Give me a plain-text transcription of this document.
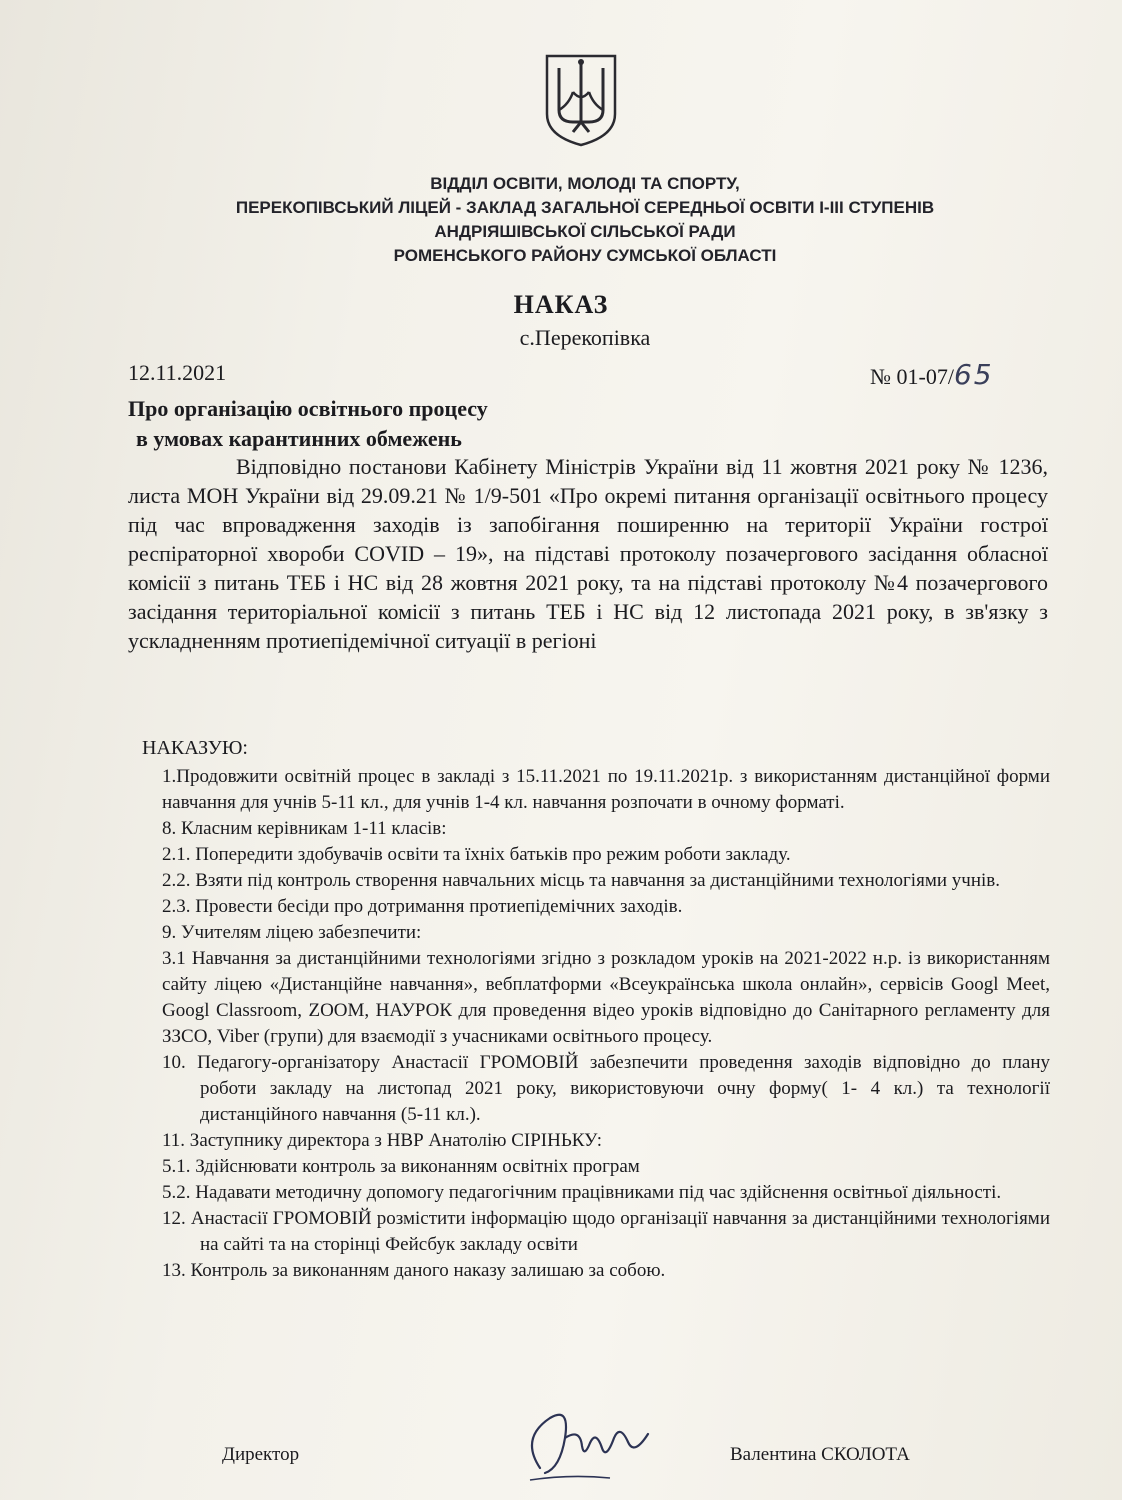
ВІДДІЛ ОСВІТИ, МОЛОДІ ТА СПОРТУ,
ПЕРЕКОПІВСЬКИЙ ЛІЦЕЙ - ЗАКЛАД ЗАГАЛЬНОЇ СЕРЕДНЬОЇ ОСВІТИ І-ІІІ СТУПЕНІВ
АНДРІЯШІВСЬКОЇ СІЛЬСЬКОЇ РАДИ
РОМЕНСЬКОГО РАЙОНУ СУМСЬКОЇ ОБЛАСТІ
НАКАЗ
с.Перекопівка
12.11.2021	№ 01-07/65
Про організацію освітнього процесу
в умовах карантинних обмежень
Відповідно постанови Кабінету Міністрів України від 11 жовтня 2021 року № 1236, листа МОН України від 29.09.21 № 1/9-501 «Про окремі питання організації освітнього процесу під час впровадження заходів із запобігання поширенню на території України гострої респіраторної хвороби COVID – 19», на підставі протоколу позачергового засідання обласної комісії з питань ТЕБ і НС від 28 жовтня 2021 року, та на підставі протоколу №4 позачергового засідання територіальної комісії з питань ТЕБ і НС від 12 листопада 2021 року, в зв'язку з ускладненням протиепідемічної ситуації в регіоні
НАКАЗУЮ:
1.Продовжити освітній процес в закладі з 15.11.2021 по 19.11.2021р. з використанням дистанційної форми навчання для учнів 5-11 кл., для учнів 1-4 кл. навчання розпочати в очному форматі.
8. Класним керівникам 1-11 класів:
2.1. Попередити здобувачів освіти та їхніх батьків про режим роботи закладу.
2.2. Взяти під контроль створення навчальних місць та навчання за дистанційними технологіями учнів.
2.3. Провести бесіди про дотримання протиепідемічних заходів.
9. Учителям ліцею забезпечити:
3.1 Навчання за дистанційними технологіями згідно з розкладом уроків на 2021-2022 н.р. із використанням сайту ліцею «Дистанційне навчання», вебплатформи «Всеукраїнська школа онлайн», сервісів Googl Meet, Googl Classroom, ZOOM, НАУРОК для проведення відео уроків відповідно до Санітарного регламенту для ЗЗСО, Viber (групи) для взаємодії з учасниками освітнього процесу.
10. Педагогу-організатору Анастасії ГРОМОВІЙ забезпечити проведення заходів відповідно до плану роботи закладу на листопад 2021 року, використовуючи очну форму( 1- 4 кл.) та технології дистанційного навчання (5-11 кл.).
11. Заступнику директора з НВР Анатолію СІРІНЬКУ:
5.1. Здійснювати контроль за виконанням освітніх програм
5.2. Надавати методичну допомогу педагогічним працівниками під час здійснення освітньої діяльності.
12. Анастасії ГРОМОВІЙ розмістити інформацію щодо організації навчання за дистанційними технологіями на сайті та на сторінці Фейсбук закладу освіти
13. Контроль за виконанням даного наказу залишаю за собою.
Директор	Валентина СКОЛОТА
